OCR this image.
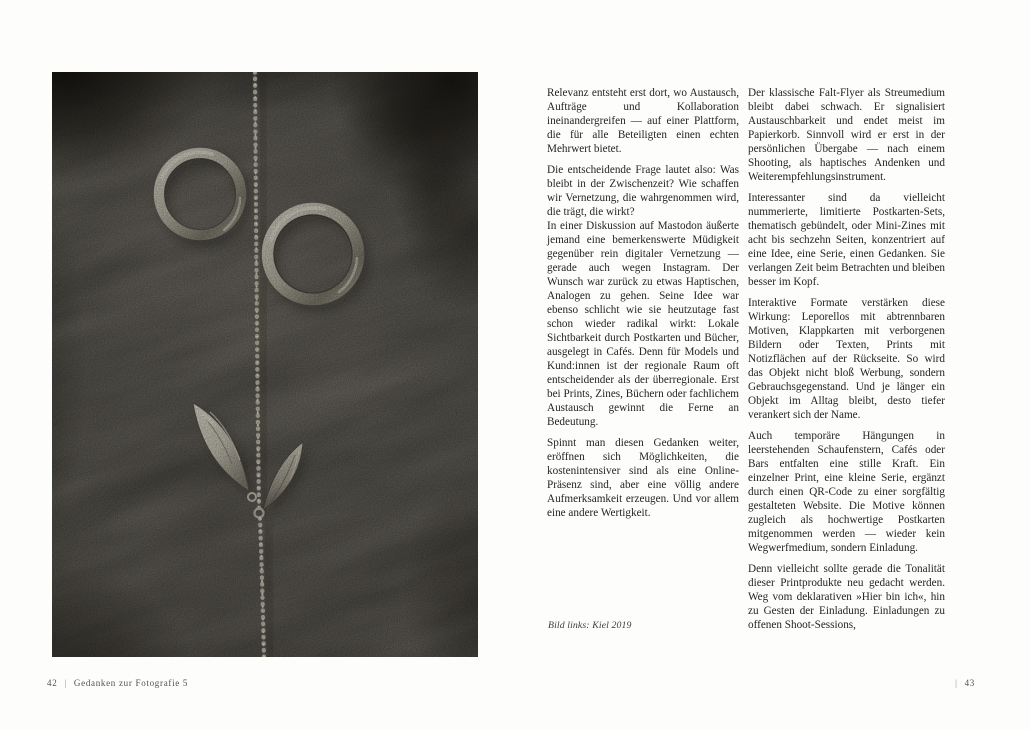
Relevanz entsteht erst dort, wo Austausch, Aufträge und Kollaboration ineinandergreifen — auf einer Plattform, die für alle Beteiligten einen echten Mehrwert bietet.

Die entscheidende Frage lautet also: Was bleibt in der Zwischenzeit? Wie schaffen wir Vernetzung, die wahrgenommen wird, die trägt, die wirkt?

In einer Diskussion auf Mastodon äußerte jemand eine bemerkenswerte Müdigkeit gegenüber rein digitaler Vernetzung — gerade auch wegen Instagram. Der Wunsch war zurück zu etwas Haptischen, Analogen zu gehen. Seine Idee war ebenso schlicht wie sie heutzutage fast schon wieder radikal wirkt: Lokale Sichtbarkeit durch Postkarten und Bücher, ausgelegt in Cafés. Denn für Models und Kund:innen ist der regionale Raum oft entscheidender als der überregionale. Erst bei Prints, Zines, Büchern oder fachlichem Austausch gewinnt die Ferne an Bedeutung.

Spinnt man diesen Gedanken weiter, eröffnen sich Möglichkeiten, die kostenintensiver sind als eine Online-Präsenz sind, aber eine völlig andere Aufmerksamkeit erzeugen. Und vor allem eine andere Wertigkeit.

Der klassische Falt-Flyer als Streumedium bleibt dabei schwach. Er signalisiert Austauschbarkeit und endet meist im Papierkorb. Sinnvoll wird er erst in der persönlichen Übergabe — nach einem Shooting, als haptisches Andenken und Weiterempfehlungsinstrument.

Interessanter sind da vielleicht nummerierte, limitierte Postkarten-Sets, thematisch gebündelt, oder Mini-Zines mit acht bis sechzehn Seiten, konzentriert auf eine Idee, eine Serie, einen Gedanken. Sie verlangen Zeit beim Betrachten und bleiben besser im Kopf.

Interaktive Formate verstärken diese Wirkung: Leporellos mit abtrennbaren Motiven, Klappkarten mit verborgenen Bildern oder Texten, Prints mit Notizflächen auf der Rückseite. So wird das Objekt nicht bloß Werbung, sondern Gebrauchsgegenstand. Und je länger ein Objekt im Alltag bleibt, desto tiefer verankert sich der Name.

Auch temporäre Hängungen in leerstehenden Schaufenstern, Cafés oder Bars entfalten eine stille Kraft. Ein einzelner Print, eine kleine Serie, ergänzt durch einen QR-Code zu einer sorgfältig gestalteten Website. Die Motive können zugleich als hochwertige Postkarten mitgenommen werden — wieder kein Wegwerfmedium, sondern Einladung.

Denn vielleicht sollte gerade die Tonalität dieser Printprodukte neu gedacht werden. Weg vom deklarativen »Hier bin ich«, hin zu Gesten der Einladung. Einladungen zu offenen Shoot-Sessions,

Bild links: Kiel 2019
42 | Gedanken zur Fotografie 5	| 43
